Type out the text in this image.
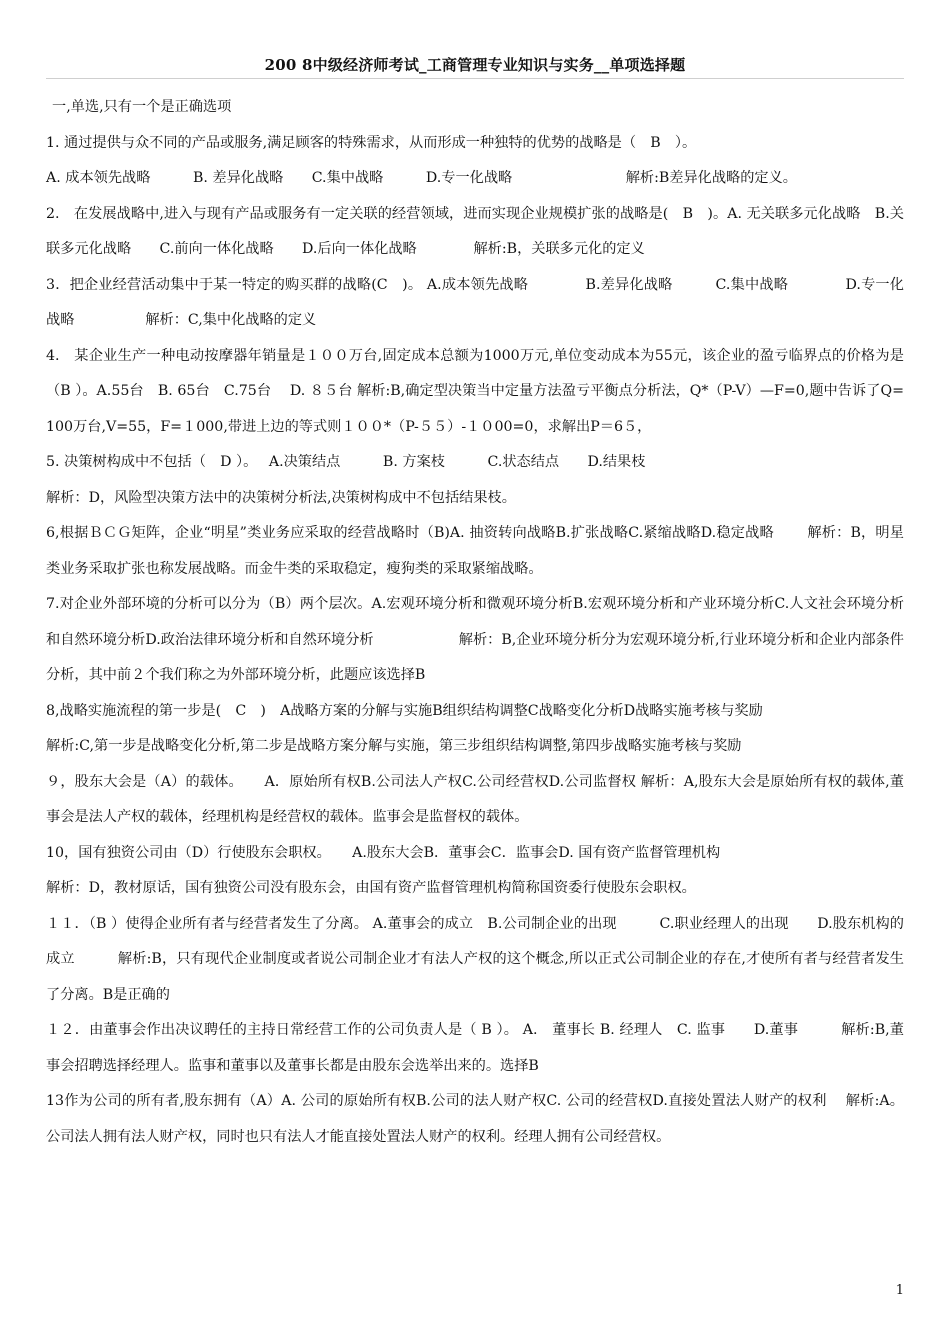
200 8中级经济师考试_工商管理专业知识与实务__单项选择题

一,单选,只有一个是正确选项

1. 通过提供与众不同的产品或服务,满足顾客的特殊需求，从而形成一种独特的优势的战略是（　B　）。

A. 成本领先战略　　　B. 差异化战略　　C.集中战略　　　D.专一化战略　　　　　　　　解析:B差异化战略的定义。

2.　在发展战略中,进入与现有产品或服务有一定关联的经营领域，进而实现企业规模扩张的战略是(　B　)。A. 无关联多元化战略　B.关联多元化战略　　C.前向一体化战略　　D.后向一体化战略　　　　解析:B，关联多元化的定义

3．把企业经营活动集中于某一特定的购买群的战略(C　)。 A.成本领先战略　　　　B.差异化战略　　　C.集中战略　　　　D.专一化战略　　　　　解析：C,集中化战略的定义

4.　某企业生产一种电动按摩器年销量是１００万台,固定成本总额为1000万元,单位变动成本为55元，该企业的盈亏临界点的价格为是（B ）。A.55台　B. 65台　C.75台　 D. ８５台 解析:B,确定型决策当中定量方法盈亏平衡点分析法，Q*（P-V）—F=0,题中告诉了Q=100万台,V=55，F=１000,带进上边的等式则１００*（P-５５）-１０00=0，求解出P＝6５，

5. 决策树构成中不包括（　D ）。　 A.决策结点　　　B. 方案枝　　　C.状态结点　　D.结果枝

解析：D，风险型决策方法中的决策树分析法,决策树构成中不包括结果枝。

6,根据ＢＣＧ矩阵，企业“明星”类业务应采取的经营战略时（B)A. 抽资转向战略B.扩张战略C.紧缩战略D.稳定战略　　 解析：B，明星类业务采取扩张也称发展战略。而金牛类的采取稳定，瘦狗类的采取紧缩战略。

7.对企业外部环境的分析可以分为（B）两个层次。A.宏观环境分析和微观环境分析B.宏观环境分析和产业环境分析C.人文社会环境分析和自然环境分析D.政治法律环境分析和自然环境分析　　　　　　解析：B,企业环境分析分为宏观环境分析,行业环境分析和企业内部条件分析，其中前２个我们称之为外部环境分析，此题应该选择B

8,战略实施流程的第一步是(　C　)　A战略方案的分解与实施B组织结构调整C战略变化分析D战略实施考核与奖励

解析:C,第一步是战略变化分析,第二步是战略方案分解与实施，第三步组织结构调整,第四步战略实施考核与奖励

９，股东大会是（A）的载体。　　A．原始所有权B.公司法人产权C.公司经营权D.公司监督权 解析：A,股东大会是原始所有权的载体,董事会是法人产权的载体，经理机构是经营权的载体。监事会是监督权的载体。

10，国有独资公司由（D）行使股东会职权。　　A.股东大会B．董事会C．监事会D. 国有资产监督管理机构

解析：D，教材原话，国有独资公司没有股东会，由国有资产监督管理机构简称国资委行使股东会职权。

１１．（B ）使得企业所有者与经营者发生了分离。 A.董事会的成立　B.公司制企业的出现　　　C.职业经理人的出现　　D.股东机构的成立　　　解析:B，只有现代企业制度或者说公司制企业才有法人产权的这个概念,所以正式公司制企业的存在,才使所有者与经营者发生了分离。B是正确的

１２．由董事会作出决议聘任的主持日常经营工作的公司负责人是（ B ）。 A.　董事长 B. 经理人　C. 监事　　D.董事　　　解析:B,董事会招聘选择经理人。监事和董事以及董事长都是由股东会选举出来的。选择B

13作为公司的所有者,股东拥有（A）A. 公司的原始所有权B.公司的法人财产权C. 公司的经营权D.直接处置法人财产的权利　 解析:A。公司法人拥有法人财产权，同时也只有法人才能直接处置法人财产的权利。经理人拥有公司经营权。

1
